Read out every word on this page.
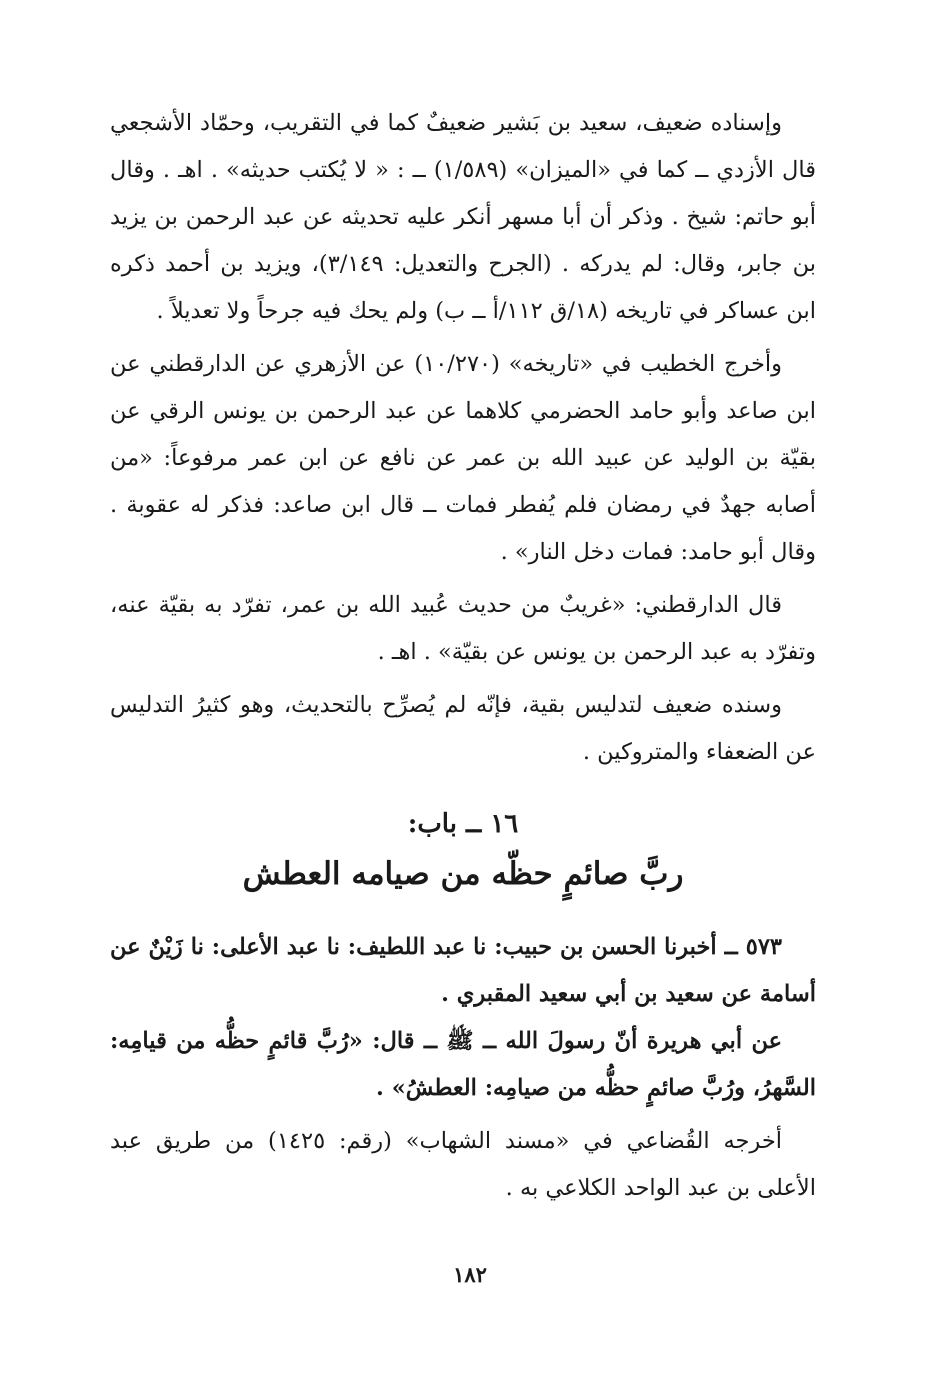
وإسناده ضعيف، سعيد بن بَشير ضعيفٌ كما في التقريب، وحمّاد الأشجعي قال الأزدي ــ كما في «الميزان» (١/٥٨٩) ــ : « لا يُكتب حديثه» . اهـ . وقال أبو حاتم: شيخ . وذكر أن أبا مسهر أنكر عليه تحديثه عن عبد الرحمن بن يزيد بن جابر، وقال: لم يدركه . (الجرح والتعديل: ٣/١٤٩)، ويزيد بن أحمد ذكره ابن عساكر في تاريخه (١٨/ق ١١٢/أ ــ ب) ولم يحك فيه جرحاً ولا تعديلاً .

وأخرج الخطيب في «تاريخه» (١٠/٢٧٠) عن الأزهري عن الدارقطني عن ابن صاعد وأبو حامد الحضرمي كلاهما عن عبد الرحمن بن يونس الرقي عن بقيّة بن الوليد عن عبيد الله بن عمر عن نافع عن ابن عمر مرفوعاً: «من أصابه جهدٌ في رمضان فلم يُفطر فمات ــ قال ابن صاعد: فذكر له عقوبة . وقال أبو حامد: فمات دخل النار» .

قال الدارقطني: «غريبٌ من حديث عُبيد الله بن عمر، تفرّد به بقيّة عنه، وتفرّد به عبد الرحمن بن يونس عن بقيّة» . اهـ .

وسنده ضعيف لتدليس بقية، فإنّه لم يُصرِّح بالتحديث، وهو كثيرُ التدليس عن الضعفاء والمتروكين .

١٦ ــ باب:
ربَّ صائمٍ حظّه من صيامه العطش

٥٧٣ ــ أخبرنا الحسن بن حبيب: نا عبد اللطيف: نا عبد الأعلى: نا زَيْنٌ عن أسامة عن سعيد بن أبي سعيد المقبري .

عن أبي هريرة أنّ رسولَ الله ــ ﷺ ــ قال: «رُبَّ قائمٍ حظُّه من قيامِه: السَّهرُ، ورُبَّ صائمٍ حظُّه من صيامِه: العطشُ» .

أخرجه القُضاعي في «مسند الشهاب» (رقم: ١٤٢٥) من طريق عبد الأعلى بن عبد الواحد الكلاعي به .

١٨٢
